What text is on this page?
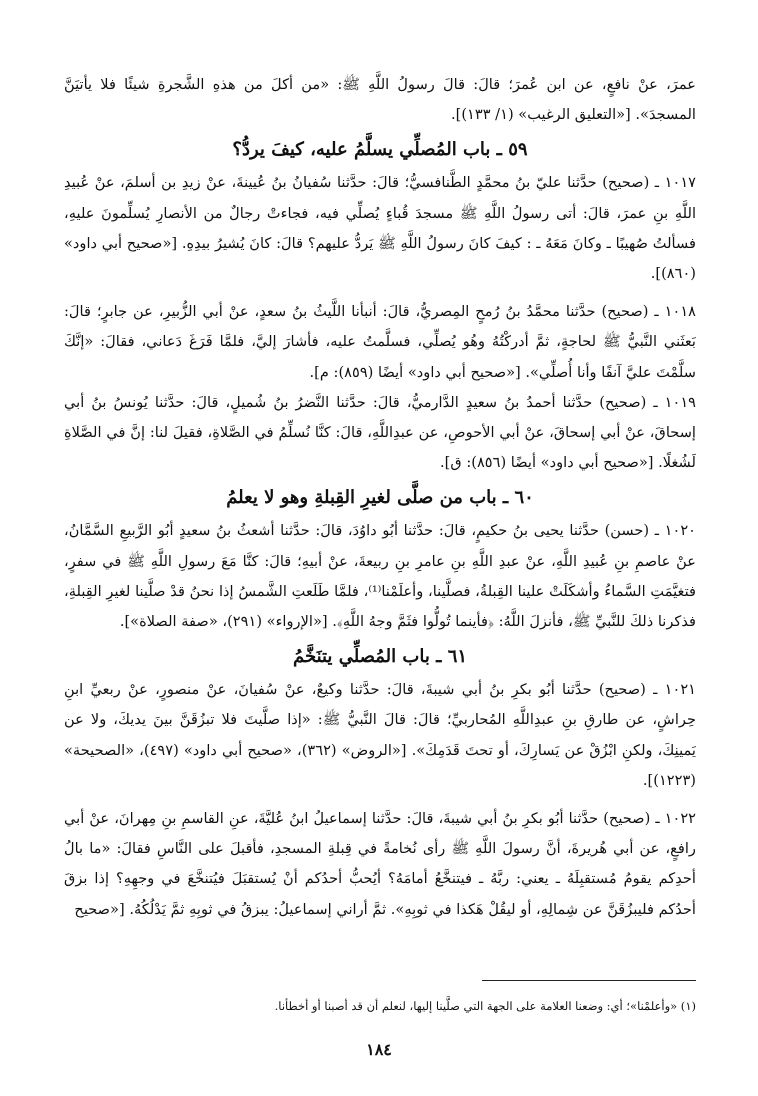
عمرَ، عنْ نافعٍ، عن ابن عُمرَ؛ قالَ: قالَ رسولُ اللَّهِ ﷺ: «من أكلَ من هذهِ الشَّجرةِ شيئًا فلا يأتيَنَّ المسجدَ». [«التعليق الرغيب» (١/ ١٣٣)].

٥٩ ـ باب المُصلِّي يسلَّمُ عليه، كيفَ يردُّ؟

١٠١٧ ـ (صحيح) حدَّثنا عليّ بنُ محمَّدٍ الطَّنافسيُّ؛ قالَ: حدَّثنا سُفيانُ بنُ عُيينةَ، عنْ زيدِ بن أسلمَ، عنْ عُبيدِ اللَّهِ بنِ عمرَ، قالَ: أتى رسولُ اللَّهِ ﷺ مسجدَ قُباءٍ يُصلِّي فيه، فجاءتْ رجالٌ من الأنصارِ يُسلِّمونَ عليهِ، فسألتُ صُهيبًا ـ وكانَ مَعَهُ ـ : كيفَ كانَ رسولُ اللَّهِ ﷺ يَردُّ عليهم؟ قالَ: كانَ يُشيرُ بيدِهِ. [«صحيح أبي داود» (٨٦٠)].

١٠١٨ ـ (صحيح) حدَّثنا محمَّدُ بنُ رُمحٍ المِصريُّ، قالَ: أنبأنا اللَّيثُ بنُ سعدٍ، عنْ أبي الزُّبيرِ، عن جابرٍ؛ قالَ: بَعثَني النَّبيُّ ﷺ لحاجةٍ، ثمَّ أدركْتُهُ وهُو يُصلِّي، فسلَّمتُ عليه، فأشارَ إليَّ، فلمَّا فَرَغَ دَعاني، فقالَ: «إنَّكَ سلَّمْتَ عليَّ آنفًا وأنا أُصلِّي». [«صحيح أبي داود» أيضًا (٨٥٩): م].

١٠١٩ ـ (صحيح) حدَّثنا أحمدُ بنُ سعيدٍ الدَّارميُّ، قالَ: حدَّثنا النَّضرُ بنُ شُميلٍ، قالَ: حدَّثنا يُونسُ بنُ أبي إسحاقَ، عنْ أبي إسحاقَ، عنْ أبي الأحوصِ، عن عبدِاللَّهِ، قالَ: كنَّا نُسلِّمُ في الصَّلاةِ، فقيلَ لنا: إنَّ في الصَّلاةِ لَشُغلًا. [«صحيح أبي داود» أيضًا (٨٥٦): ق].

٦٠ ـ باب من صلَّى لغيرِ القِبلةِ وهو لا يعلمُ

١٠٢٠ ـ (حسن) حدَّثنا يحيى بنُ حكيمٍ، قالَ: حدَّثنا أبُو داوُدَ، قالَ: حدَّثنا أشعثُ بنُ سعيدٍ أبُو الرَّبيعِ السَّمَّانُ، عنْ عاصمِ بنِ عُبيدِ اللَّهِ، عنْ عبدِ اللَّهِ بنِ عامرِ بنِ ربيعةَ، عنْ أبيهِ؛ قالَ: كنَّا مَعَ رسولِ اللَّهِ ﷺ في سفرٍ، فتغيَّمَتِ السَّماءُ وأشكَلَتْ علينا القِبلةُ، فصلَّينا، وأعلَمْنا⁽¹⁾، فلمَّا طَلَعتِ الشَّمسُ إذا نحنُ قدْ صلَّينا لغيرِ القِبلةِ، فذكرنا ذلكَ للنَّبيِّ ﷺ، فأنزلَ اللَّهُ: ﴿فأينما تُولُّوا فثَمَّ وجهُ اللَّهِ﴾. [«الإرواء» (٢٩١)، «صفة الصلاة»].

٦١ ـ باب المُصلِّي يتنَخَّمُ

١٠٢١ ـ (صحيح) حدَّثنا أبُو بكرِ بنُ أبي شيبةَ، قالَ: حدَّثنا وكيعٌ، عنْ سُفيانَ، عنْ منصورٍ، عنْ ربعيِّ ابنِ حِراشٍ، عن طارقِ بنِ عبدِاللَّهِ المُحاربيِّ؛ قالَ: قالَ النَّبيُّ ﷺ: «إذا صلَّيتَ فلا تبزُقَنَّ بينَ يديكَ، ولا عن يَمينِكَ، ولكنِ ابْزُقْ عن يَسارِكَ، أو تحتَ قَدَمِكَ». [«الروض» (٣٦٢)، «صحيح أبي داود» (٤٩٧)، «الصحيحة» (١٢٢٣)].

١٠٢٢ ـ (صحيح) حدَّثنا أبُو بكرِ بنُ أبي شيبةَ، قالَ: حدَّثنا إسماعيلُ ابنُ عُليَّةَ، عنِ القاسمِ بنِ مِهرانَ، عنْ أبي رافعٍ، عن أبي هُريرةَ، أنَّ رسولَ اللَّهِ ﷺ رأى نُخامةً في قِبلةِ المسجدِ، فأقبلَ على النَّاسِ فقالَ: «ما بالُ أحدِكم يقومُ مُستقبِلَهُ ـ يعني: ربَّهُ ـ فيتنخَّعُ أمامَهُ؟ أيُحبُّ أحدُكم أنْ يُستقبَلَ فيُتنخَّعَ في وجهِهِ؟ إذا بزقَ أحدُكم فليبزُقَنَّ عن شِمالِهِ، أو ليقُلْ هَكذا في ثوبِهِ». ثمَّ أراني إسماعيلُ: يبزقُ في ثوبِهِ ثمَّ يَدْلُكُهُ. [«صحيح

(١) «وأعلمْنا»؛ أي: وضعنا العلامة على الجهة التي صلَّينا إليها، لنعلم أن قد أصبنا أو أخطأنا.
١٨٤
